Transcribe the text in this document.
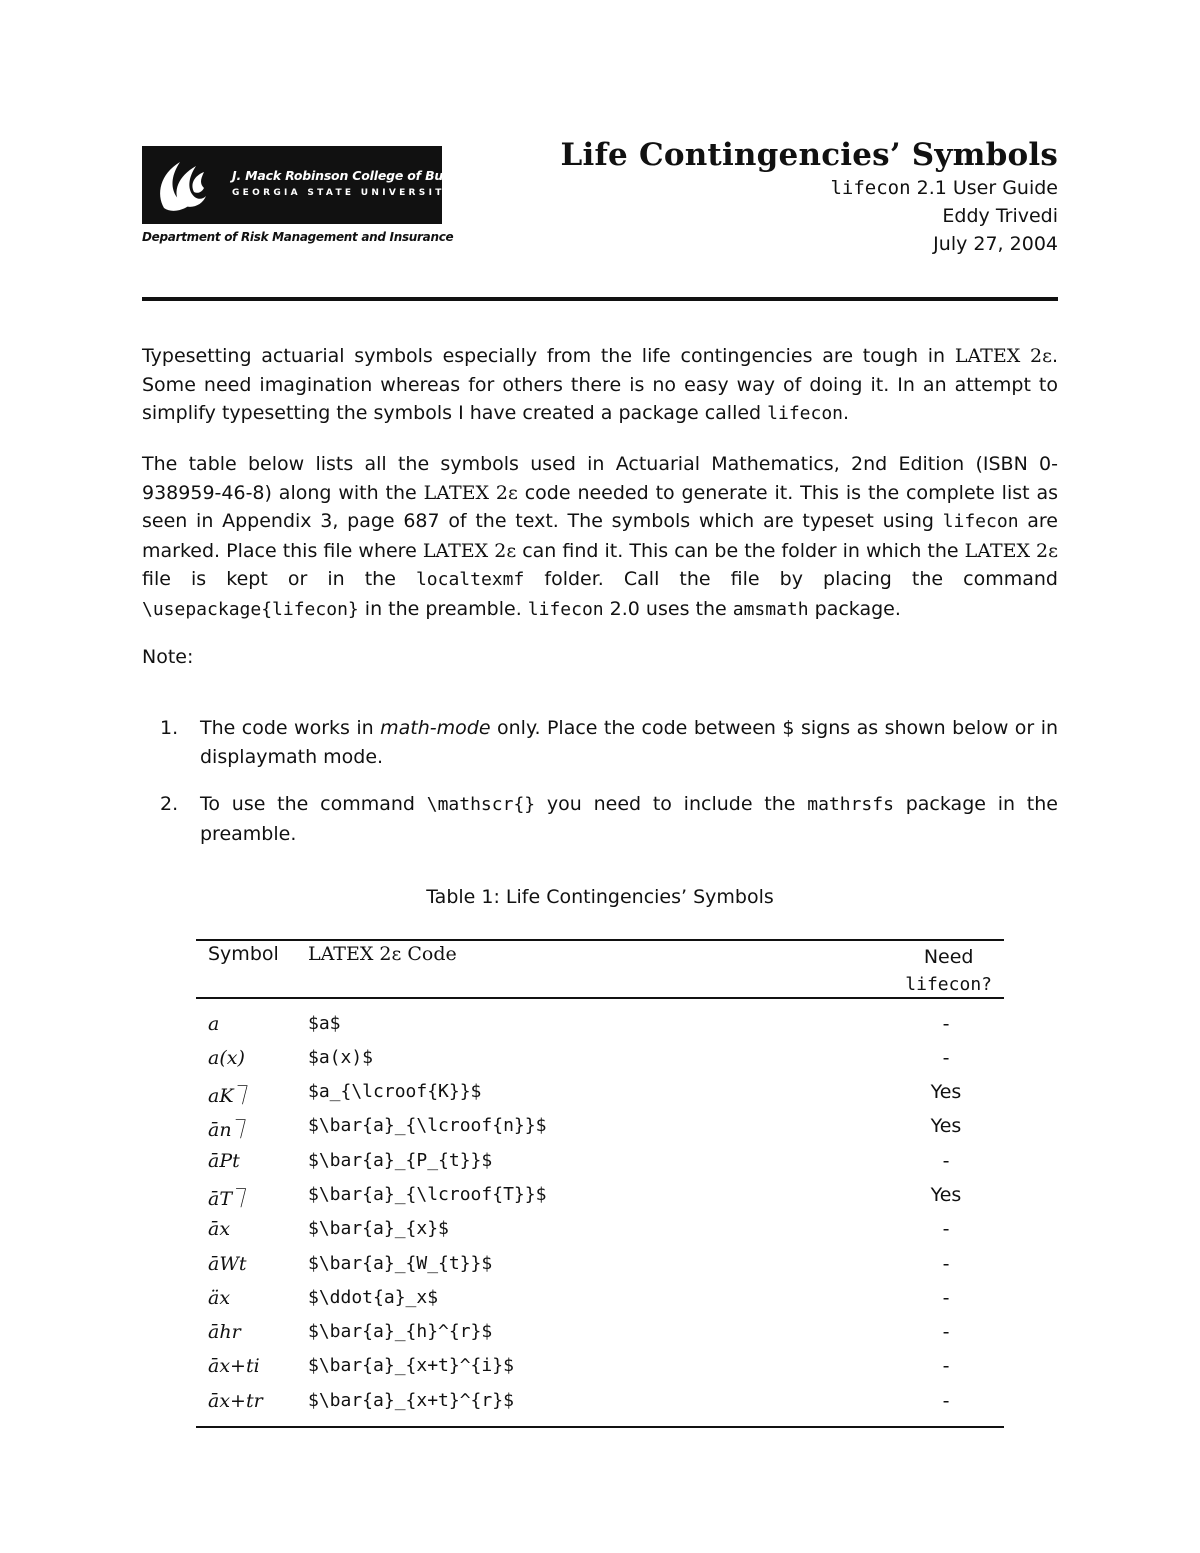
J. Mack Robinson College of Business
GEORGIA STATE UNIVERSITY
Department of Risk Management and Insurance
Life Contingencies’ Symbols
lifecon 2.1 User Guide
Eddy Trivedi
July 27, 2004
Typesetting actuarial symbols especially from the life contingencies are tough in LATEX 2ε. Some need imagination whereas for others there is no easy way of doing it. In an attempt to simplify typesetting the symbols I have created a package called lifecon.
The table below lists all the symbols used in Actuarial Mathematics, 2nd Edition (ISBN 0-938959-46-8) along with the LATEX 2ε code needed to generate it. This is the complete list as seen in Appendix 3, page 687 of the text. The symbols which are typeset using lifecon are marked. Place this file where LATEX 2ε can find it. This can be the folder in which the LATEX 2ε file is kept or in the localtexmf folder. Call the file by placing the command \usepackage{lifecon} in the preamble. lifecon 2.0 uses the amsmath package.
Note:
1. The code works in math-mode only. Place the code between $ signs as shown below or in displaymath mode.
2. To use the command \mathscr{} you need to include the mathrsfs package in the preamble.
Table 1: Life Contingencies’ Symbols
Symbol LATEX 2ε Code	Need
lifecon?
a	$a$	-
a(x)	$a(x)$	-
aK⏋	$a_{\lcroof{K}}$	Yes
ān⏋	$\bar{a}_{\lcroof{n}}$	Yes
āPt	$\bar{a}_{P_{t}}$	-
āT⏋	$\bar{a}_{\lcroof{T}}$	Yes
āx	$\bar{a}_{x}$	-
āWt	$\bar{a}_{W_{t}}$	-
äx	$\ddot{a}_x$	-
āhr	$\bar{a}_{h}^{r}$	-
āx+ti	$\bar{a}_{x+t}^{i}$	-
āx+tr	$\bar{a}_{x+t}^{r}$	-
